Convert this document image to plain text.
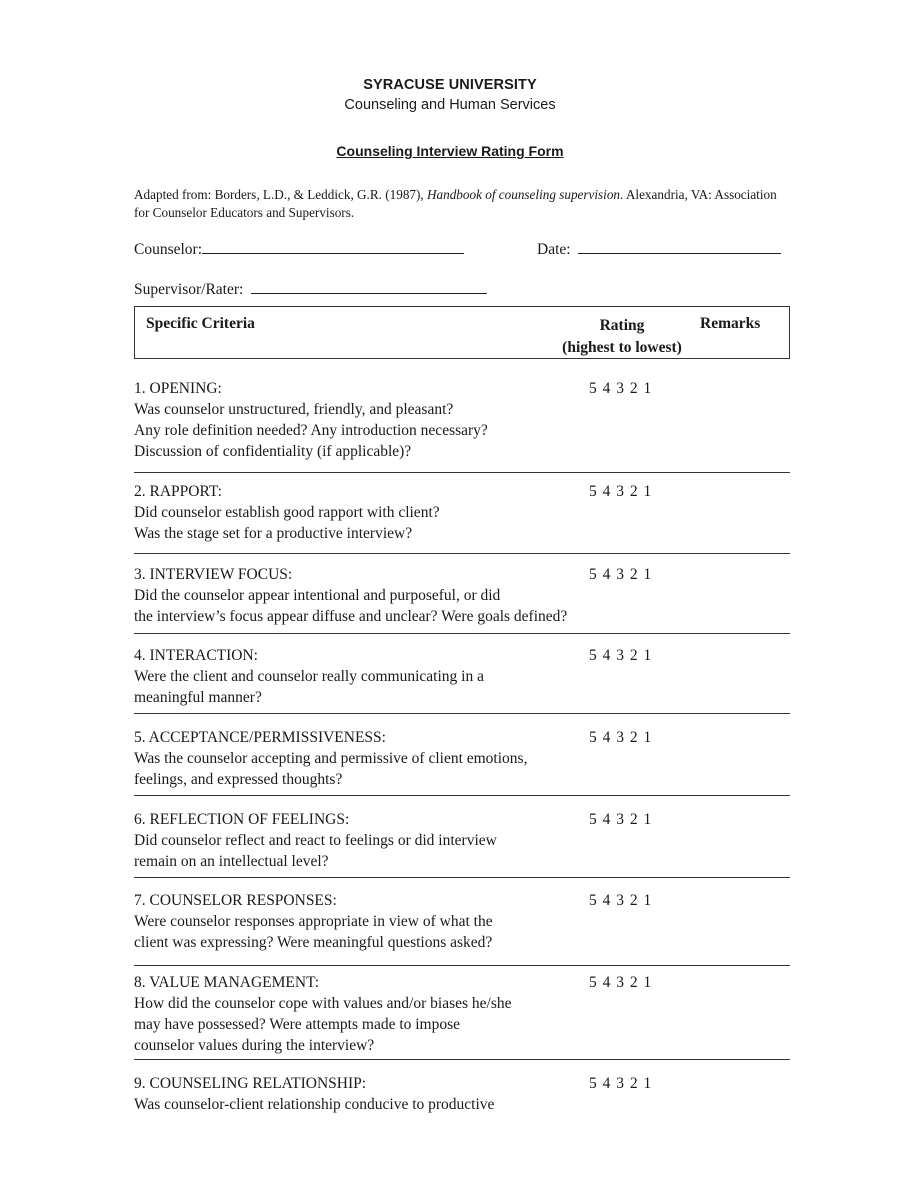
SYRACUSE UNIVERSITY
Counseling and Human Services
Counseling Interview Rating Form
Adapted from: Borders, L.D., & Leddick, G.R. (1987), Handbook of counseling supervision. Alexandria, VA: Association for Counselor Educators and Supervisors.
Counselor:	Date:
Supervisor/Rater:
Specific Criteria	Rating
(highest to lowest)
Remarks
1. OPENING:
Was counselor unstructured, friendly, and pleasant?
Any role definition needed? Any introduction necessary?
Discussion of confidentiality (if applicable)?
5 4 3 2 1
2. RAPPORT:
Did counselor establish good rapport with client?
Was the stage set for a productive interview?
5 4 3 2 1
3. INTERVIEW FOCUS:
Did the counselor appear intentional and purposeful, or did
the interview’s focus appear diffuse and unclear? Were goals defined?
5 4 3 2 1
4. INTERACTION:
Were the client and counselor really communicating in a
meaningful manner?
5 4 3 2 1
5. ACCEPTANCE/PERMISSIVENESS:
Was the counselor accepting and permissive of client emotions,
feelings, and expressed thoughts?
5 4 3 2 1
6. REFLECTION OF FEELINGS:
Did counselor reflect and react to feelings or did interview
remain on an intellectual level?
5 4 3 2 1
7. COUNSELOR RESPONSES:
Were counselor responses appropriate in view of what the
client was expressing? Were meaningful questions asked?
5 4 3 2 1
8. VALUE MANAGEMENT:
How did the counselor cope with values and/or biases he/she
may have possessed? Were attempts made to impose
counselor values during the interview?
5 4 3 2 1
9. COUNSELING RELATIONSHIP:
Was counselor-client relationship conducive to productive
5 4 3 2 1
